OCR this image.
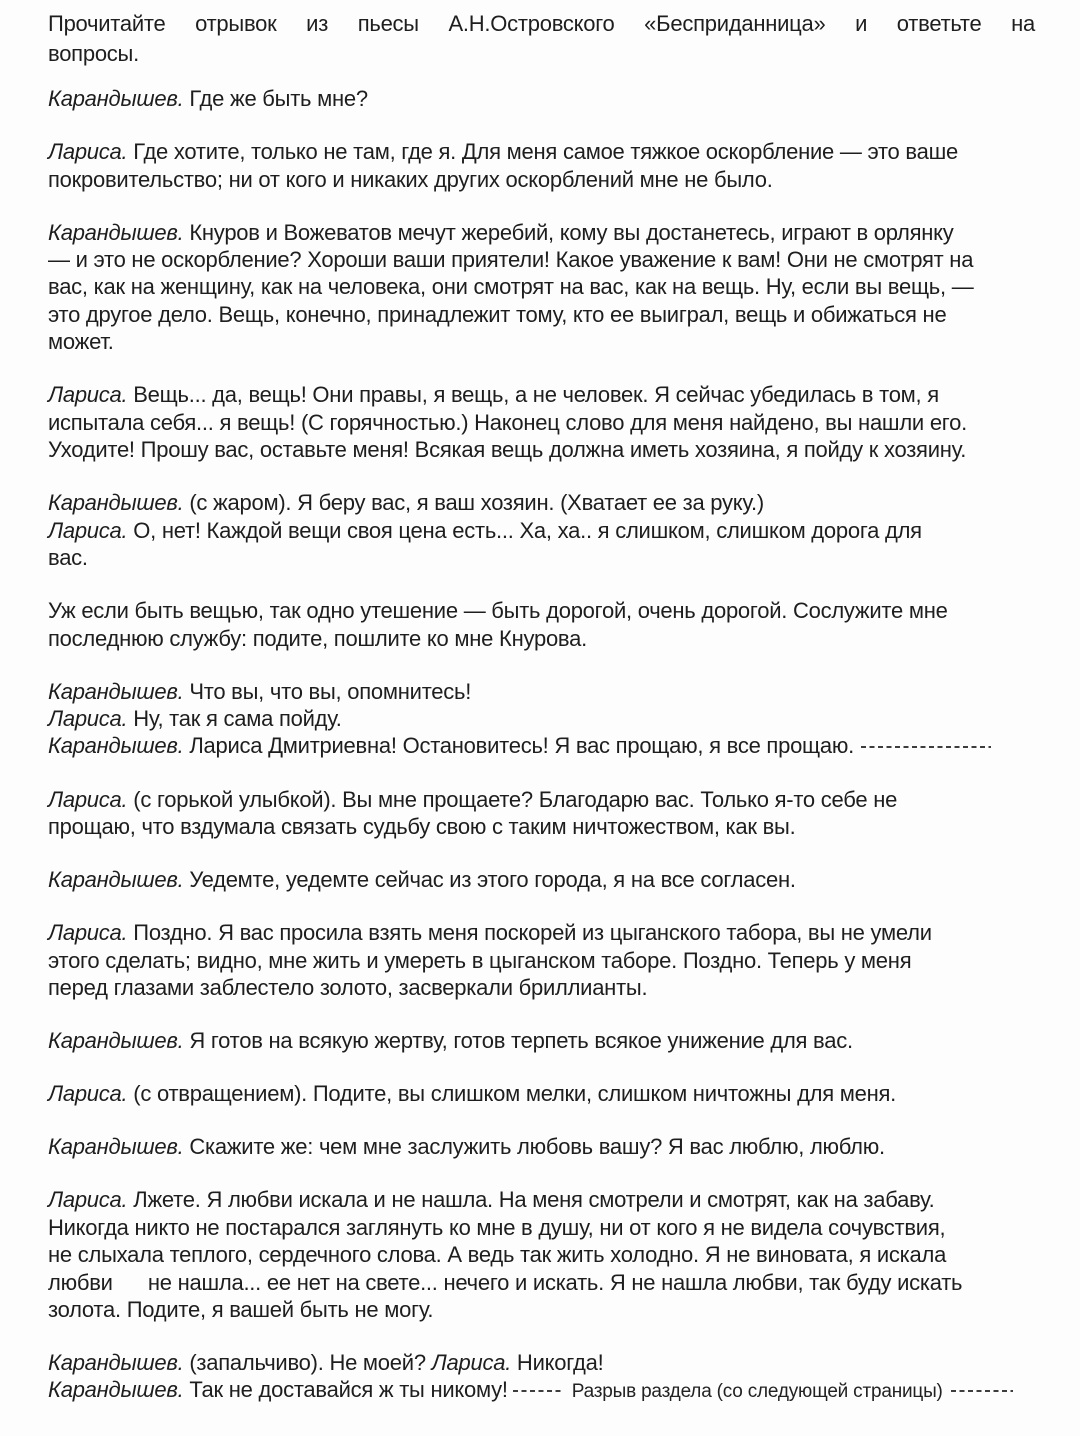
Прочитайте отрывок из пьесы А.Н.Островского «Бесприданница» и ответьте на
вопросы.
Карандышев. Где же быть мне?
Лариса. Где хотите, только не там, где я. Для меня самое тяжкое оскорбление — это ваше
покровительство; ни от кого и никаких других оскорблений мне не было.
Карандышев. Кнуров и Вожеватов мечут жеребий, кому вы достанетесь, играют в орлянку
— и это не оскорбление? Хороши ваши приятели! Какое уважение к вам! Они не смотрят на
вас, как на женщину, как на человека, они смотрят на вас, как на вещь. Ну, если вы вещь, —
это другое дело. Вещь, конечно, принадлежит тому, кто ее выиграл, вещь и обижаться не
может.
Лариса. Вещь... да, вещь! Они правы, я вещь, а не человек. Я сейчас убедилась в том, я
испытала себя... я вещь! (С горячностью.) Наконец слово для меня найдено, вы нашли его.
Уходите! Прошу вас, оставьте меня! Всякая вещь должна иметь хозяина, я пойду к хозяину.
Карандышев. (с жаром). Я беру вас, я ваш хозяин. (Хватает ее за руку.)
Лариса. О, нет! Каждой вещи своя цена есть... Ха, ха.. я слишком, слишком дорога для
вас.
Уж если быть вещью, так одно утешение — быть дорогой, очень дорогой. Сослужите мне
последнюю службу: подите, пошлите ко мне Кнурова.
Карандышев. Что вы, что вы, опомнитесь!
Лариса. Ну, так я сама пойду.
Карандышев. Лариса Дмитриевна! Остановитесь! Я вас прощаю, я все прощаю.
Лариса. (с горькой улыбкой). Вы мне прощаете? Благодарю вас. Только я-то себе не
прощаю, что вздумала связать судьбу свою с таким ничтожеством, как вы.
Карандышев. Уедемте, уедемте сейчас из этого города, я на все согласен.
Лариса. Поздно. Я вас просила взять меня поскорей из цыганского табора, вы не умели
этого сделать; видно, мне жить и умереть в цыганском таборе. Поздно. Теперь у меня
перед глазами заблестело золото, засверкали бриллианты.
Карандышев. Я готов на всякую жертву, готов терпеть всякое унижение для вас.
Лариса. (с отвращением). Подите, вы слишком мелки, слишком ничтожны для меня.
Карандышев. Скажите же: чем мне заслужить любовь вашу? Я вас люблю, люблю.
Лариса. Лжете. Я любви искала и не нашла. На меня смотрели и смотрят, как на забаву.
Никогда никто не постарался заглянуть ко мне в душу, ни от кого я не видела сочувствия,
не слыхала теплого, сердечного слова. А ведь так жить холодно. Я не виновата, я искала
любви      не нашла... ее нет на свете... нечего и искать. Я не нашла любви, так буду искать
золота. Подите, я вашей быть не могу.
Карандышев. (запальчиво). Не моей? Лариса. Никогда!
Карандышев. Так не доставайся ж ты никому!	Разрыв раздела (со следующей страницы)
